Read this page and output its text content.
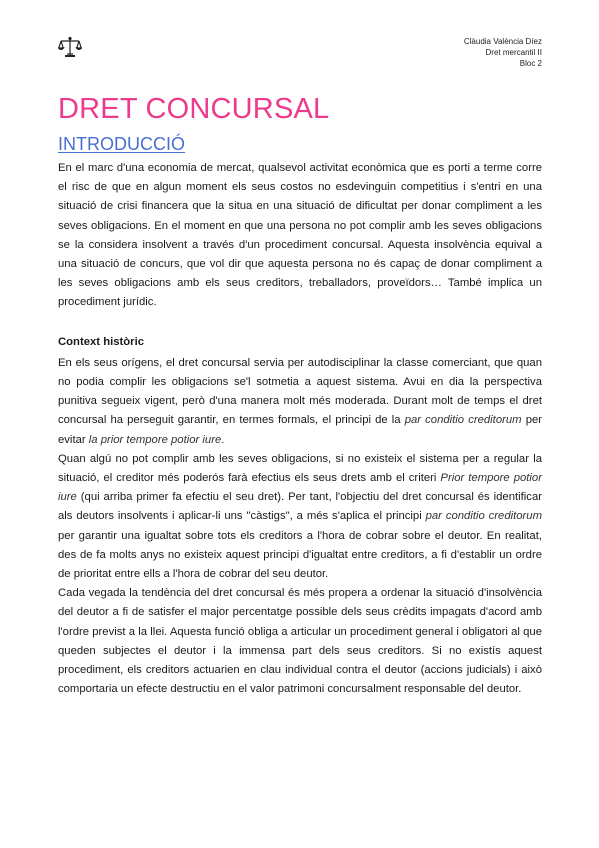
Clàudia València Díez
Dret mercantil II
Bloc 2
DRET CONCURSAL
INTRODUCCIÓ

En el marc d'una economia de mercat, qualsevol activitat econòmica que es porti a terme corre el risc de que en algun moment els seus costos no esdevinguin competitius i s'entri en una situació de crisi financera que la situa en una situació de dificultat per donar compliment a les seves obligacions. En el moment en que una persona no pot complir amb les seves obligacions se la considera insolvent a través d'un procediment concursal. Aquesta insolvència equival a una situació de concurs, que vol dir que aquesta persona no és capaç de donar compliment a les seves obligacions amb els seus creditors, treballadors, proveïdors… També implica un procediment jurídic.

Context històric

En els seus orígens, el dret concursal servia per autodisciplinar la classe comerciant, que quan no podia complir les obligacions se'l sotmetia a aquest sistema. Avui en dia la perspectiva punitiva segueix vigent, però d'una manera molt més moderada. Durant molt de temps el dret concursal ha perseguit garantir, en termes formals, el principi de la par conditio creditorum per evitar la prior tempore potior iure.

Quan algú no pot complir amb les seves obligacions, si no existeix el sistema per a regular la situació, el creditor més poderós farà efectius els seus drets amb el criteri Prior tempore potior iure (qui arriba primer fa efectiu el seu dret). Per tant, l'objectiu del dret concursal és identificar als deutors insolvents i aplicar-li uns "càstigs", a més s'aplica el principi par conditio creditorum per garantir una igualtat sobre tots els creditors a l'hora de cobrar sobre el deutor. En realitat, des de fa molts anys no existeix aquest principi d'igualtat entre creditors, a fi d'establir un ordre de prioritat entre ells a l'hora de cobrar del seu deutor.

Cada vegada la tendència del dret concursal és més propera a ordenar la situació d'insolvència del deutor a fi de satisfer el major percentatge possible dels seus crèdits impagats d'acord amb l'ordre previst a la llei. Aquesta funció obliga a articular un procediment general i obligatori al que queden subjectes el deutor i la immensa part dels seus creditors. Si no existís aquest procediment, els creditors actuarien en clau individual contra el deutor (accions judicials) i això comportaria un efecte destructiu en el valor patrimoni concursalment responsable del deutor.
